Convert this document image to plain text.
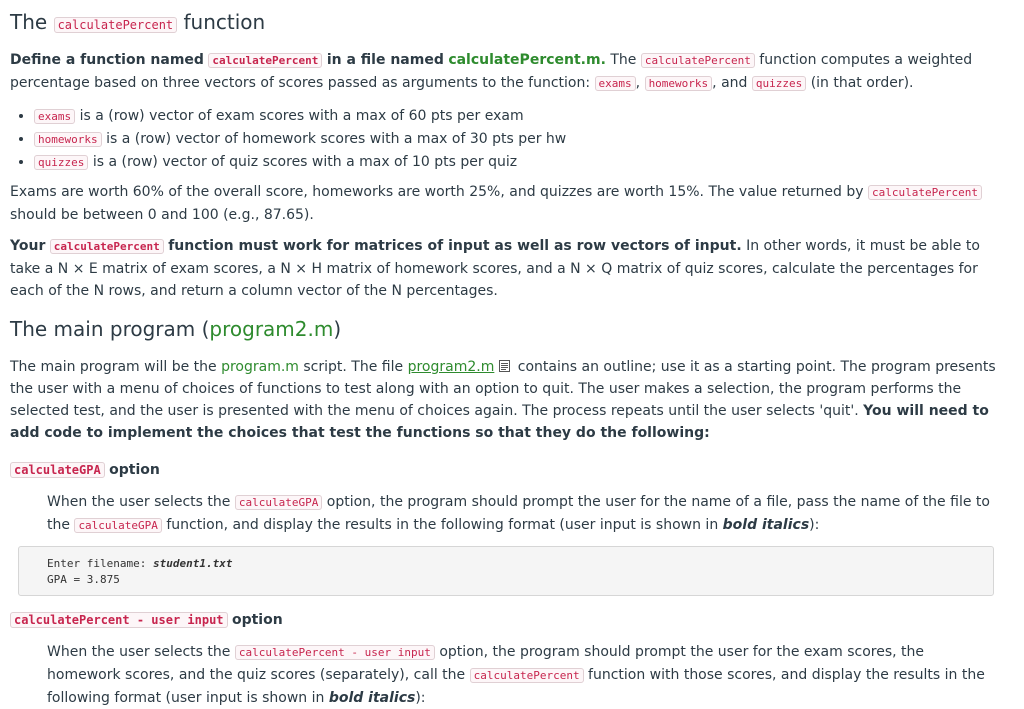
The calculatePercent function

Define a function named calculatePercent in a file named calculatePercent.m. The calculatePercent function computes a weighted percentage based on three vectors of scores passed as arguments to the function: exams , homeworks , and quizzes (in that order).

• exams is a (row) vector of exam scores with a max of 60 pts per exam
• homeworks is a (row) vector of homework scores with a max of 30 pts per hw
• quizzes is a (row) vector of quiz scores with a max of 10 pts per quiz

Exams are worth 60% of the overall score, homeworks are worth 25%, and quizzes are worth 15%. The value returned by calculatePercent should be between 0 and 100 (e.g., 87.65).

Your calculatePercent function must work for matrices of input as well as row vectors of input. In other words, it must be able to take a N × E matrix of exam scores, a N × H matrix of homework scores, and a N × Q matrix of quiz scores, calculate the percentages for each of the N rows, and return a column vector of the N percentages.

The main program (program2.m)

The main program will be the program.m script. The file program2.m contains an outline; use it as a starting point. The program presents the user with a menu of choices of functions to test along with an option to quit. The user makes a selection, the program performs the selected test, and the user is presented with the menu of choices again. The process repeats until the user selects 'quit'. You will need to add code to implement the choices that test the functions so that they do the following:

calculateGPA option

When the user selects the calculateGPA option, the program should prompt the user for the name of a file, pass the name of the file to the calculateGPA function, and display the results in the following format (user input is shown in bold italics):

Enter filename: student1.txt
GPA = 3.875
calculatePercent - user input option

When the user selects the calculatePercent - user input option, the program should prompt the user for the exam scores, the homework scores, and the quiz scores (separately), call the calculatePercent function with those scores, and display the results in the following format (user input is shown in bold italics):
